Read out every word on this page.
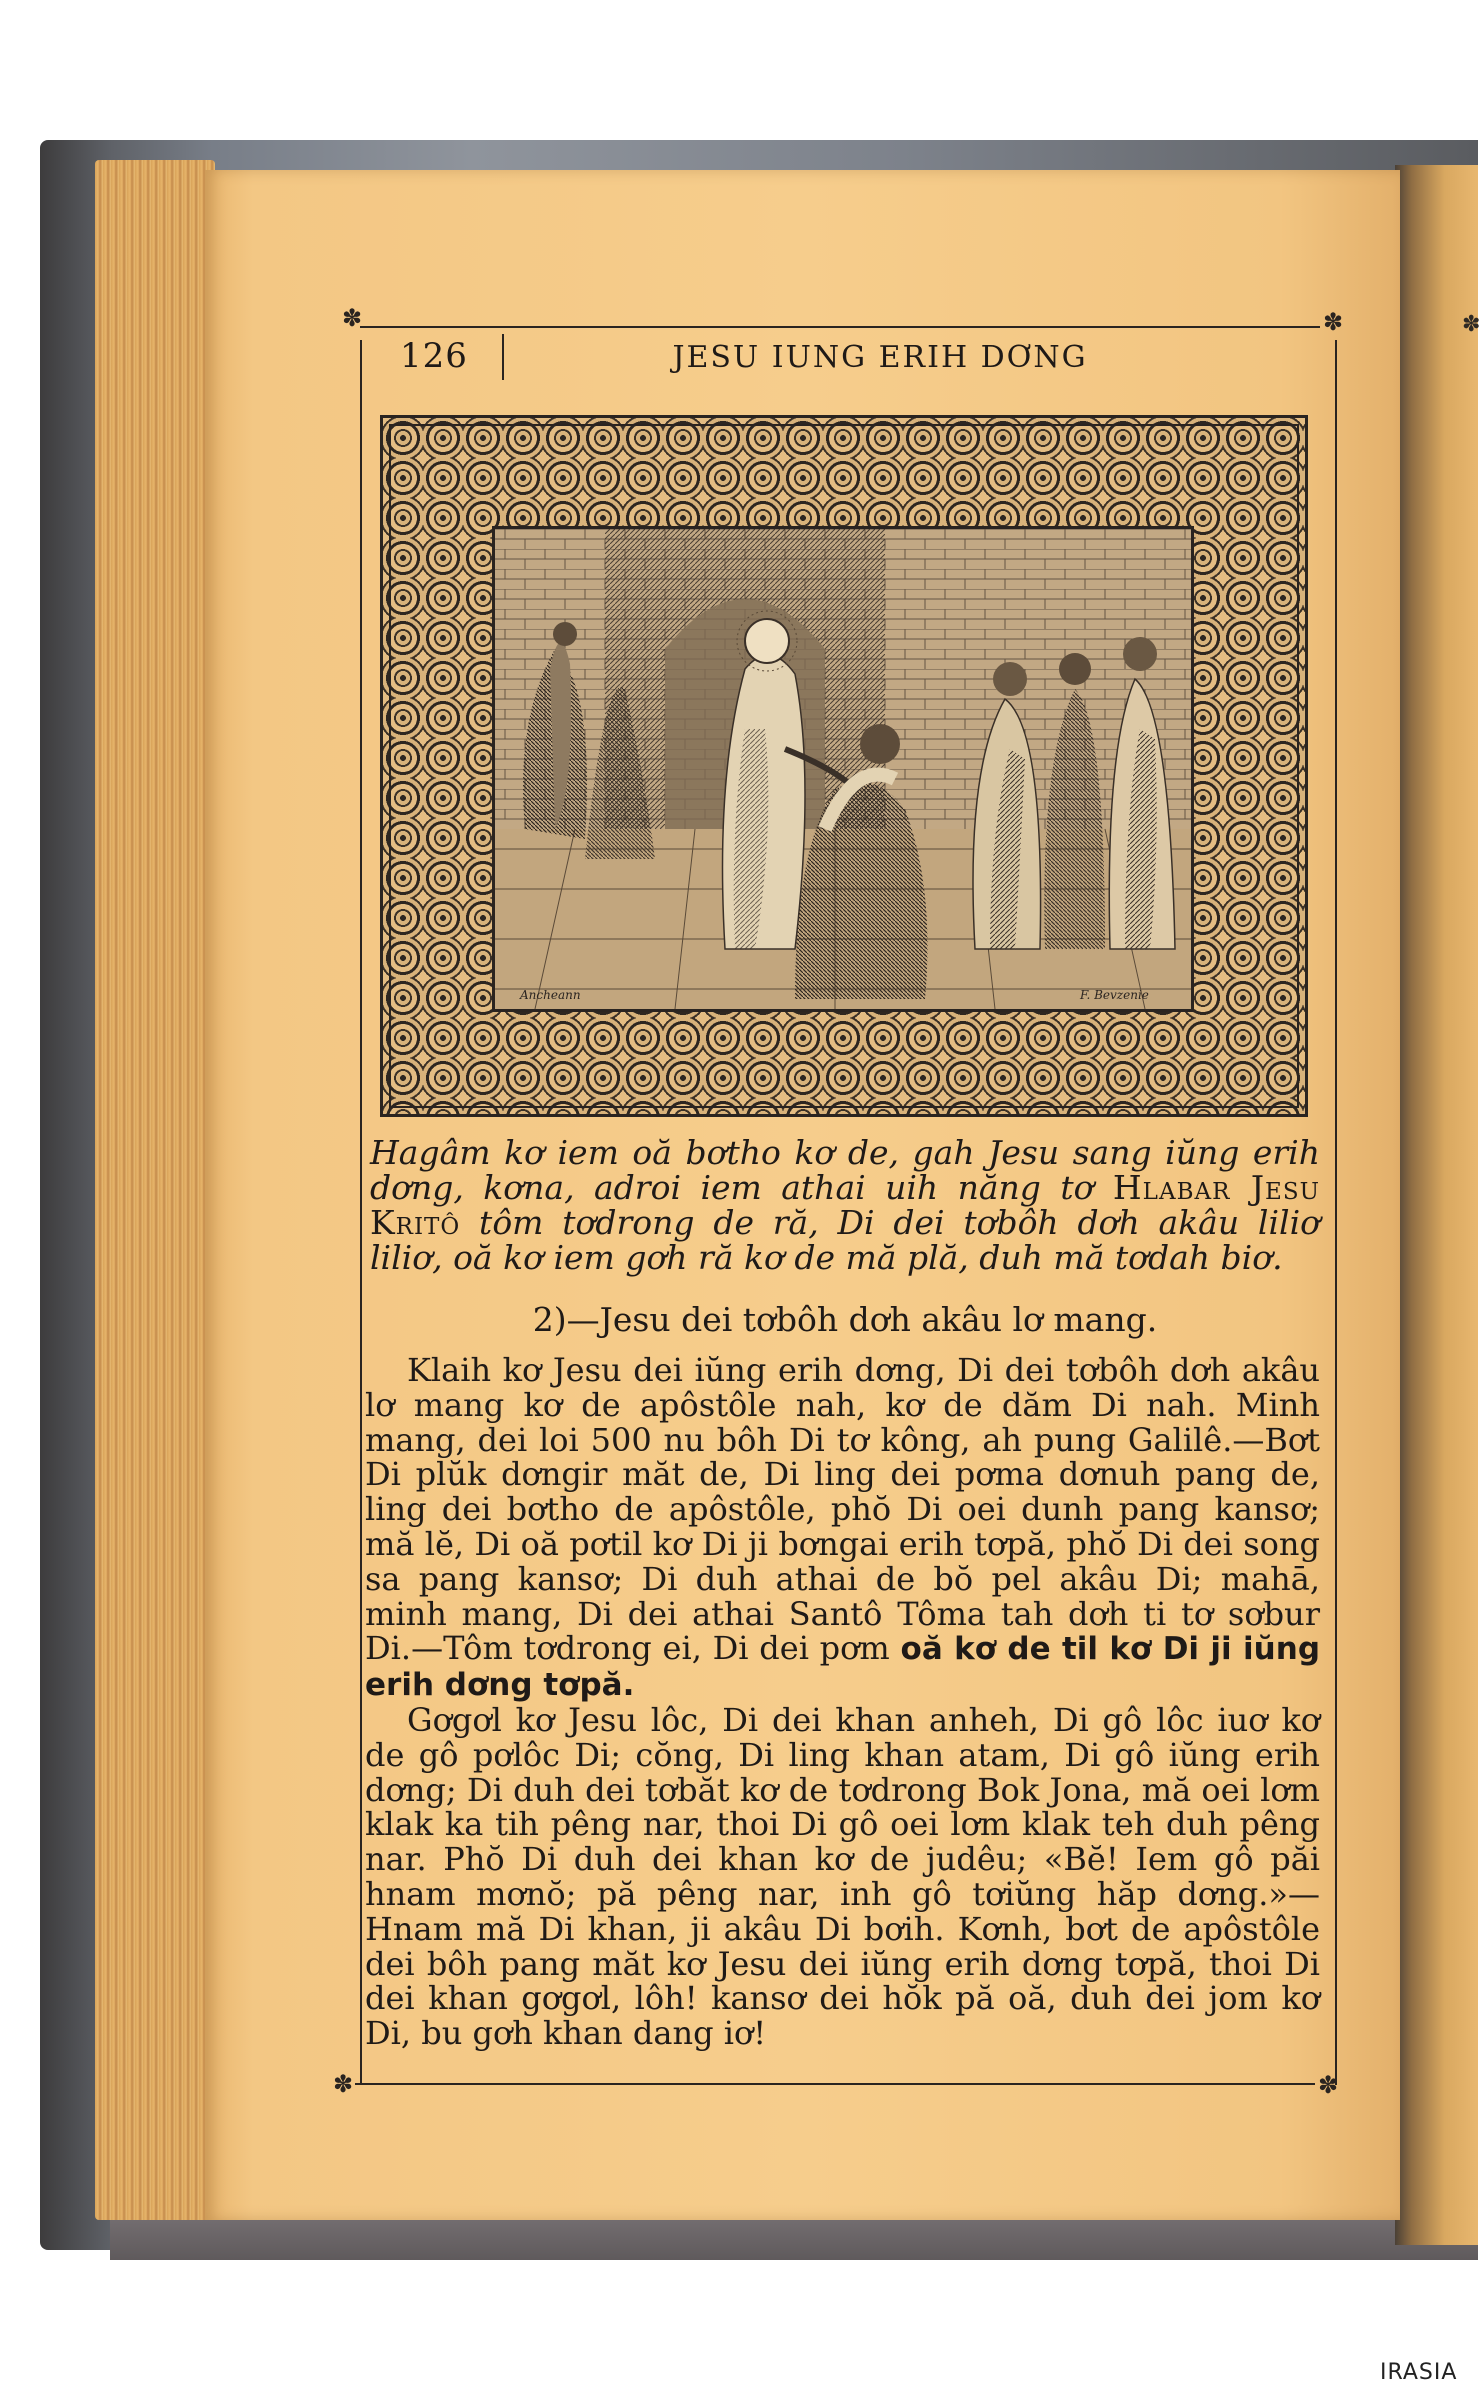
✽
✽	✽
126	JESU IUNG ERIH DƠNG
Ancheann	F. Bevzenie
Hagâm kơ iem oă bơtho kơ de, gah Jesu sang iŭng erih dơng, kơna, adroi iem athai uih năng tơ Hlabar Jesu Kritô tôm tơdrong de ră, Di dei tơbôh dơh akâu liliơ liliơ, oă kơ iem gơh ră kơ de mă plă, duh mă tơdah biơ.
2)—Jesu dei tơbôh dơh akâu lơ mang.

Klaih kơ Jesu dei iŭng erih dơng, Di dei tơbôh dơh akâu lơ mang kơ de apôstôle nah, kơ de dăm Di nah. Minh mang, dei loi 500 nu bôh Di tơ kông, ah pung Galilê.—Bơt Di plŭk dơngir măt de, Di ling dei pơma dơnuh pang de, ling dei bơtho de apôstôle, phŏ Di oei dunh pang kansơ; mă lĕ, Di oă pơtil kơ Di ji bơngai erih tơpă, phŏ Di dei song sa pang kansơ; Di duh athai de bŏ pel akâu Di; mahā, minh mang, Di dei athai Santô Tôma tah dơh ti tơ sơbur Di.—Tôm tơdrong ei, Di dei pơm oă kơ de til kơ Di ji iŭng erih dơng tơpă.

Gơgơl kơ Jesu lôc, Di dei khan anheh, Di gô lôc iuơ kơ de gô pơlôc Di; cŏng, Di ling khan atam, Di gô iŭng erih dơng; Di duh dei tơbăt kơ de tơdrong Bok Jona, mă oei lơm klak ka tih pêng nar, thoi Di gô oei lơm klak teh duh pêng nar. Phŏ Di duh dei khan kơ de judêu; «Bĕ! Iem gô păi hnam mơnŏ; pă pêng nar, inh gô tơiŭng hăp dơng.»—Hnam mă Di khan, ji akâu Di bơih. Kơnh, bơt de apôstôle dei bôh pang măt kơ Jesu dei iŭng erih dơng tơpă, thoi Di dei khan gơgơl, lôh! kansơ dei hŏk pă oă, duh dei jom kơ Di, bu gơh khan dang iơ!

✽	✽
IRASIA
